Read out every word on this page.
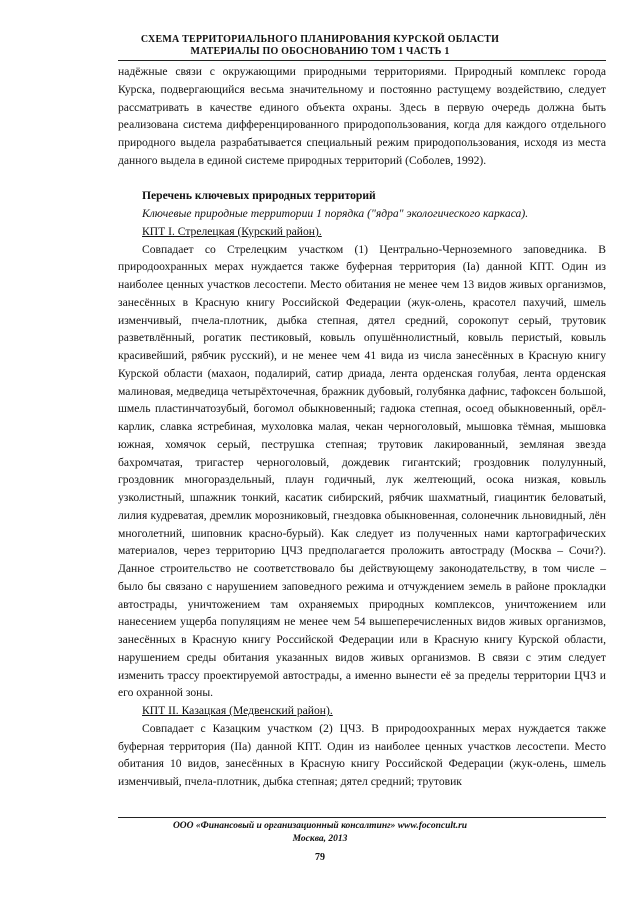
СХЕМА ТЕРРИТОРИАЛЬНОГО ПЛАНИРОВАНИЯ КУРСКОЙ ОБЛАСТИ
МАТЕРИАЛЫ ПО ОБОСНОВАНИЮ ТОМ 1 ЧАСТЬ 1

надёжные связи с окружающими природными территориями. Природный комплекс города Курска, подвергающийся весьма значительному и постоянно растущему воздействию, следует рассматривать в качестве единого объекта охраны. Здесь в первую очередь должна быть реализована система дифференцированного природопользования, когда для каждого отдельного природного выдела разрабатывается специальный режим природопользования, исходя из места данного выдела в единой системе природных территорий (Соболев, 1992).

Перечень ключевых природных территорий

Ключевые природные территории 1 порядка ("ядра" экологического каркаса).

КПТ I. Стрелецкая (Курский район).

Совпадает со Стрелецким участком (1) Центрально-Черноземного заповедника. В природоохранных мерах нуждается также буферная территория (Iа) данной КПТ. Один из наиболее ценных участков лесостепи. Место обитания не менее чем 13 видов живых организмов, занесённых в Красную книгу Российской Федерации (жук-олень, красотел пахучий, шмель изменчивый, пчела-плотник, дыбка степная, дятел средний, сорокопут серый, трутовик разветвлённый, рогатик пестиковый, ковыль опушённолистный, ковыль перистый, ковыль красивейший, рябчик русский), и не менее чем 41 вида из числа занесённых в Красную книгу Курской области (махаон, подалирий, сатир дриада, лента орденская голубая, лента орденская малиновая, медведица четырёхточечная, бражник дубовый, голубянка дафнис, тафоксен большой, шмель пластинчатозубый, богомол обыкновенный; гадюка степная, осоед обыкновенный, орёл-карлик, славка ястребиная, мухоловка малая, чекан черноголовый, мышовка тёмная, мышовка южная, хомячок серый, пеструшка степная; трутовик лакированный, земляная звезда бахромчатая, тригастер черноголовый, дождевик гигантский; гроздовник полулунный, гроздовник многораздельный, плаун годичный, лук желтеющий, осока низкая, ковыль узколистный, шпажник тонкий, касатик сибирский, рябчик шахматный, гиацинтик беловатый, лилия кудреватая, дремлик морозниковый, гнездовка обыкновенная, солонечник льновидный, лён многолетний, шиповник красно-бурый). Как следует из полученных нами картографических материалов, через территорию ЦЧЗ предполагается проложить автостраду (Москва – Сочи?). Данное строительство не соответствовало бы действующему законодательству, в том числе – было бы связано с нарушением заповедного режима и отчуждением земель в районе прокладки автострады, уничтожением там охраняемых природных комплексов, уничтожением или нанесением ущерба популяциям не менее чем 54 вышеперечисленных видов живых организмов, занесённых в Красную книгу Российской Федерации или в Красную книгу Курской области, нарушением среды обитания указанных видов живых организмов. В связи с этим следует изменить трассу проектируемой автострады, а именно вынести её за пределы территории ЦЧЗ и его охранной зоны.

КПТ II. Казацкая (Медвенский район).

Совпадает с Казацким участком (2) ЦЧЗ. В природоохранных мерах нуждается также буферная территория (IIа) данной КПТ. Один из наиболее ценных участков лесостепи. Место обитания 10 видов, занесённых в Красную книгу Российской Федерации (жук-олень, шмель изменчивый, пчела-плотник, дыбка степная; дятел средний; трутовик

ООО «Финансовый и организационный консалтинг» www.foconcult.ru
Москва, 2013
79
